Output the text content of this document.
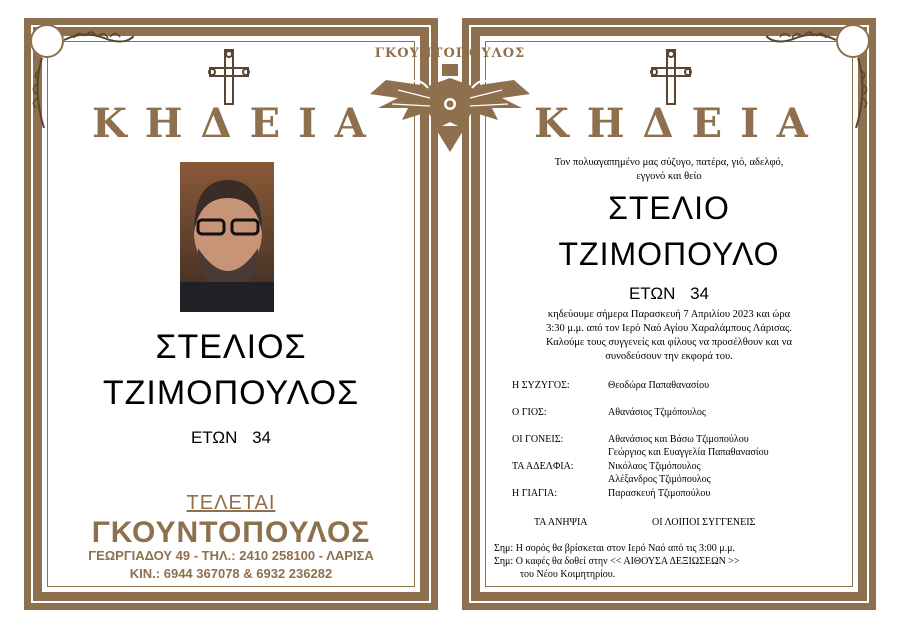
ΚΗΔΕΙΑ
ΣΤΕΛΙΟΣ
ΤΖΙΜΟΠΟΥΛΟΣ
ΕΤΩΝ 34
ΤΕΛΕΤΑΙ
ΓΚΟΥΝΤΟΠΟΥΛΟΣ
ΓΕΩΡΓΙΑΔΟΥ 49 - ΤΗΛ.: 2410 258100 - ΛΑΡΙΣΑ
ΚΙΝ.: 6944 367078 & 6932 236282
ΚΗΔΕΙΑ
Τον πολυαγαπημένο μας σύζυγο, πατέρα, γιό, αδελφό,
εγγονό και θείο
ΣΤΕΛΙΟ
ΤΖΙΜΟΠΟΥΛΟ
ΕΤΩΝ 34
κηδεύουμε σήμερα Παρασκευή 7 Απριλίου 2023 και ώρα
3:30 μ.μ. από τον Ιερό Ναό Αγίου Χαραλάμπους Λάρισας.
Καλούμε τους συγγενείς και φίλους να προσέλθουν και να
συνοδεύσουν την εκφορά του.
Η ΣΥΖΥΓΟΣ:	Θεοδώρα Παπαθανασίου
Ο ΓΙΟΣ:	Αθανάσιος Τζιμόπουλος
ΟΙ ΓΟΝΕΙΣ:	Αθανάσιος και Βάσω Τζιμοπούλου
Γεώργιος και Ευαγγελία Παπαθανασίου
ΤΑ ΑΔΕΛΦΙΑ:	Νικόλαος Τζιμόπουλος
Αλέξανδρος Τζιμόπουλος
Η ΓΙΑΓΙΑ:	Παρασκευή Τζιμοπούλου
ΤΑ ΑΝΗΨΙΑ	ΟΙ ΛΟΙΠΟΙ ΣΥΓΓΕΝΕΙΣ
Σημ: Η σορός θα βρίσκεται στον Ιερό Ναό από τις 3:00 μ.μ.
Σημ: Ο καφές θα δοθεί στην << ΑΙΘΟΥΣΑ ΔΕΞΙΩΣΕΩΝ >>
του Νέου Κοιμητηρίου.
ΓΚΟΥΝΤΟΠΟΥΛΟΣ
